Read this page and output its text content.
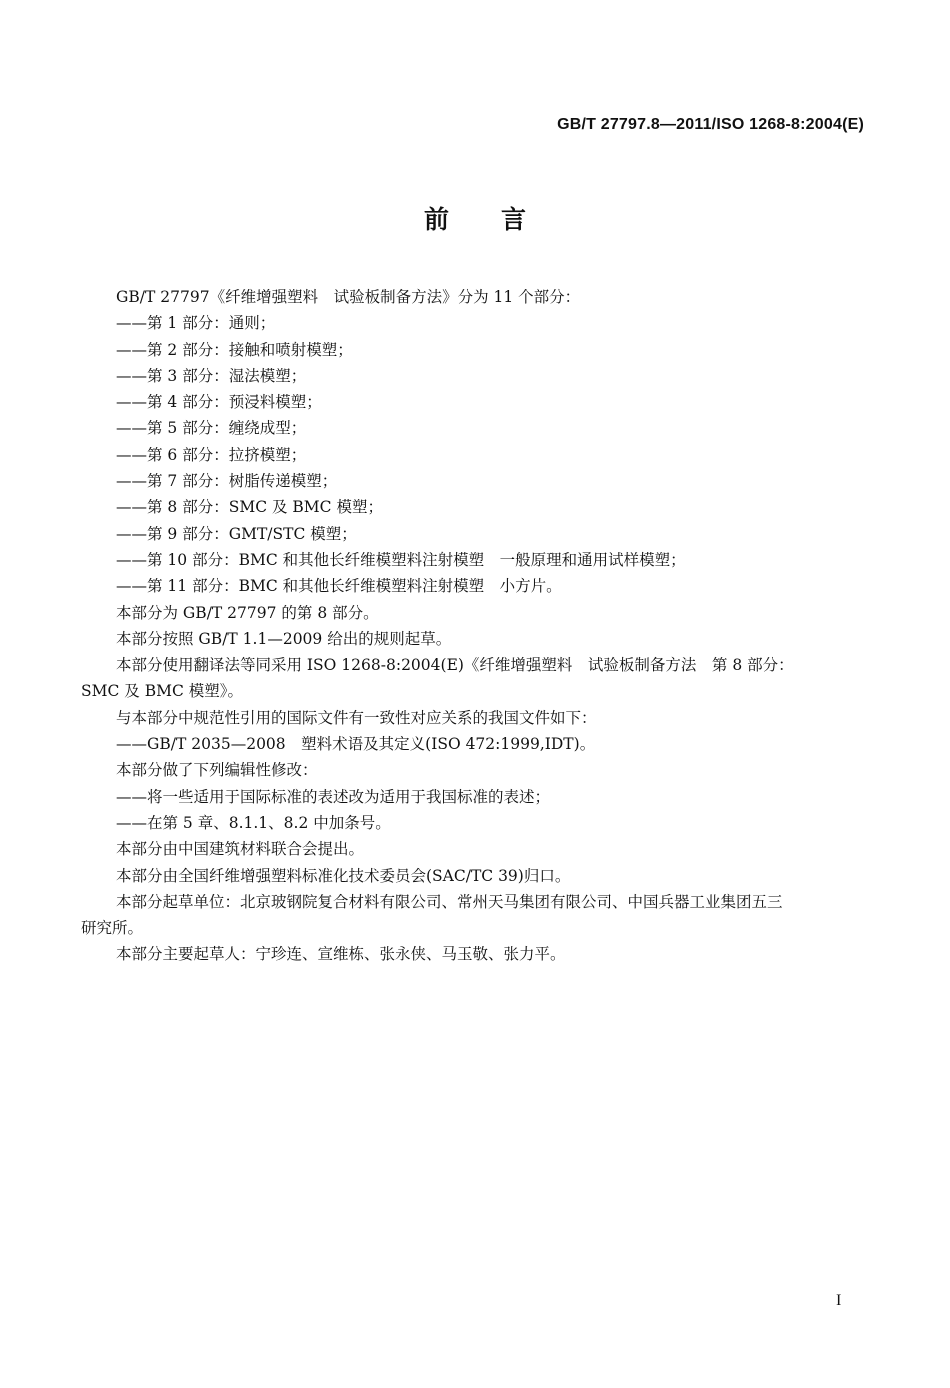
GB/T 27797.8—2011/ISO 1268-8:2004(E)
前 言
GB/T 27797《纤维增强塑料　试验板制备方法》分为 11 个部分：
——第 1 部分：通则；
——第 2 部分：接触和喷射模塑；
——第 3 部分：湿法模塑；
——第 4 部分：预浸料模塑；
——第 5 部分：缠绕成型；
——第 6 部分：拉挤模塑；
——第 7 部分：树脂传递模塑；
——第 8 部分：SMC 及 BMC 模塑；
——第 9 部分：GMT/STC 模塑；
——第 10 部分：BMC 和其他长纤维模塑料注射模塑　一般原理和通用试样模塑；
——第 11 部分：BMC 和其他长纤维模塑料注射模塑　小方片。
本部分为 GB/T 27797 的第 8 部分。
本部分按照 GB/T 1.1—2009 给出的规则起草。
本部分使用翻译法等同采用 ISO 1268-8:2004(E)《纤维增强塑料　试验板制备方法　第 8 部分：
SMC 及 BMC 模塑》。
与本部分中规范性引用的国际文件有一致性对应关系的我国文件如下：
——GB/T 2035—2008　塑料术语及其定义(ISO 472:1999,IDT)。
本部分做了下列编辑性修改：
——将一些适用于国际标准的表述改为适用于我国标准的表述；
——在第 5 章、8.1.1、8.2 中加条号。
本部分由中国建筑材料联合会提出。
本部分由全国纤维增强塑料标准化技术委员会(SAC/TC 39)归口。
本部分起草单位：北京玻钢院复合材料有限公司、常州天马集团有限公司、中国兵器工业集团五三
研究所。
本部分主要起草人：宁珍连、宣维栋、张永侠、马玉敬、张力平。
I
